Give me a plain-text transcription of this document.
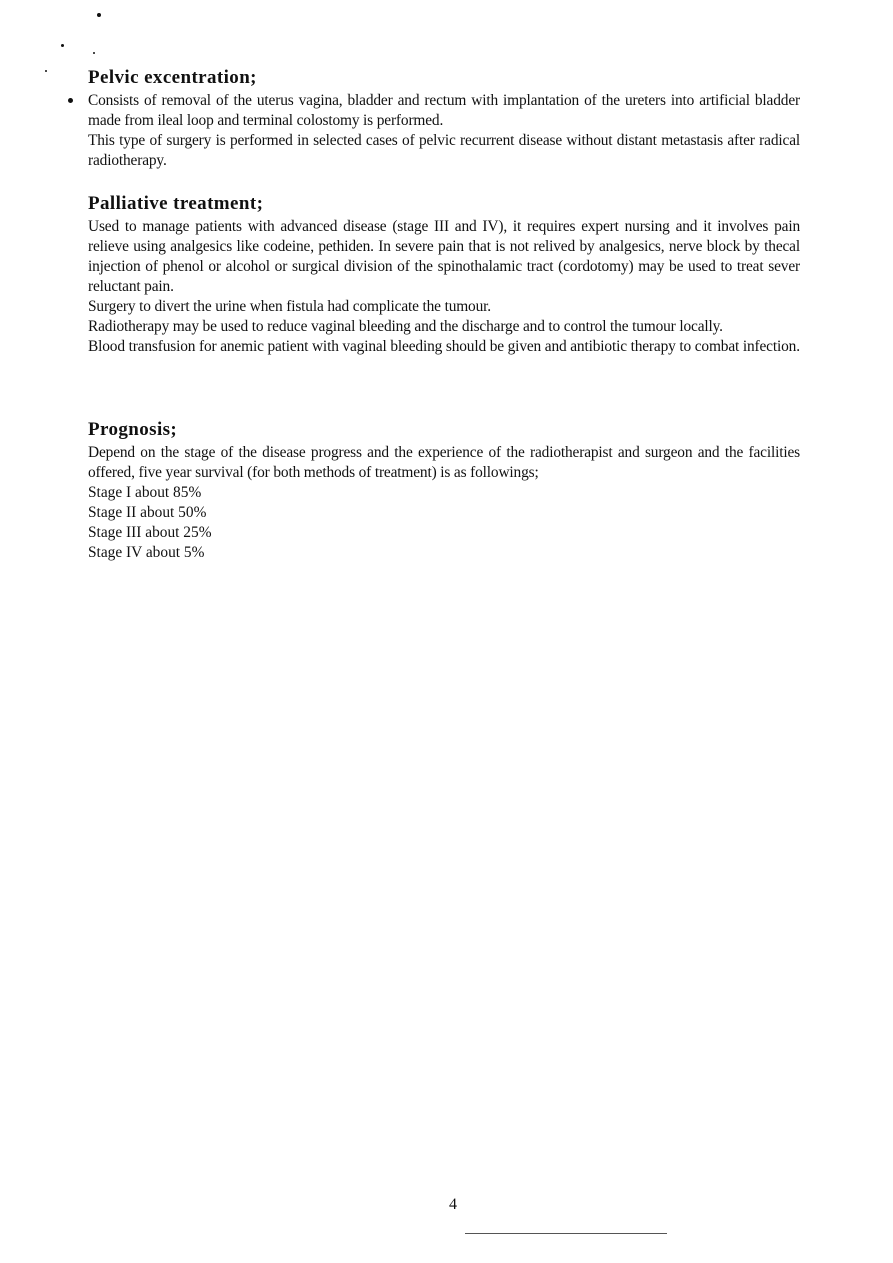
Pelvic excentration;

Consists of removal of the uterus vagina, bladder and rectum with implantation of the ureters into artificial bladder made from ileal loop and terminal colostomy is performed.

This type of surgery is performed in selected cases of pelvic recurrent disease without distant metastasis after radical radiotherapy.

Palliative treatment;

Used to manage patients with advanced disease (stage III and IV), it requires expert nursing and it involves pain relieve using analgesics like codeine, pethiden. In severe pain that is not relived by analgesics, nerve block by thecal injection of phenol or alcohol or surgical division of the spinothalamic tract (cordotomy) may be used to treat sever reluctant pain.

Surgery to divert the urine when fistula had complicate the tumour.

Radiotherapy may be used to reduce vaginal bleeding and the discharge and to control the tumour locally.

Blood transfusion for anemic patient with vaginal bleeding should be given and antibiotic therapy to combat infection.

Prognosis;

Depend on the stage of the disease progress and the experience of the radiotherapist and surgeon and the facilities offered, five year survival (for both methods of treatment) is as followings;

Stage I about 85%

Stage II about 50%

Stage III about 25%

Stage IV about 5%

4
